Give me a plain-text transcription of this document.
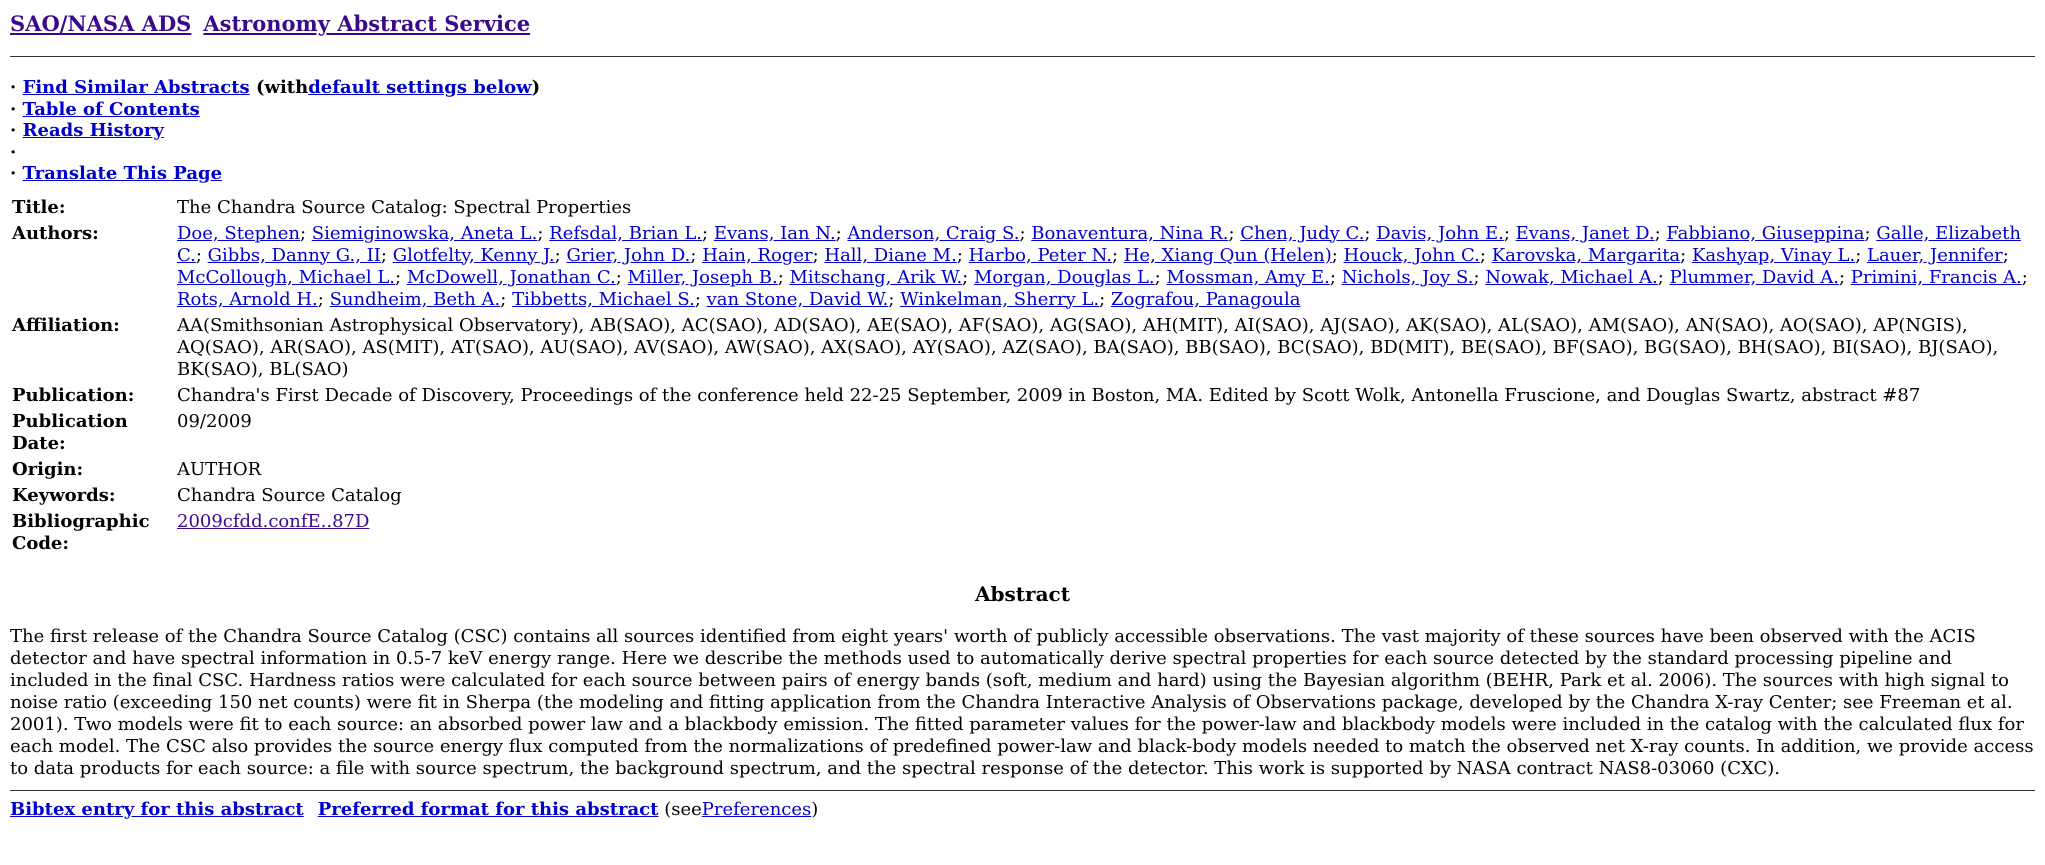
SAO/NASA ADS Astronomy Abstract Service
· Find Similar Abstracts (withdefault settings below)
· Table of Contents
· Reads History
·
· Translate This Page
Title:	The Chandra Source Catalog: Spectral Properties
Authors:	Doe, Stephen; Siemiginowska, Aneta L.; Refsdal, Brian L.; Evans, Ian N.; Anderson, Craig S.; Bonaventura, Nina R.; Chen, Judy C.; Davis, John E.; Evans, Janet D.; Fabbiano, Giuseppina; Galle, Elizabeth C.; Gibbs, Danny G., II; Glotfelty, Kenny J.; Grier, John D.; Hain, Roger; Hall, Diane M.; Harbo, Peter N.; He, Xiang Qun (Helen); Houck, John C.; Karovska, Margarita; Kashyap, Vinay L.; Lauer, Jennifer; McCollough, Michael L.; McDowell, Jonathan C.; Miller, Joseph B.; Mitschang, Arik W.; Morgan, Douglas L.; Mossman, Amy E.; Nichols, Joy S.; Nowak, Michael A.; Plummer, David A.; Primini, Francis A.; Rots, Arnold H.; Sundheim, Beth A.; Tibbetts, Michael S.; van Stone, David W.; Winkelman, Sherry L.; Zografou, Panagoula
Affiliation:	AA(Smithsonian Astrophysical Observatory), AB(SAO), AC(SAO), AD(SAO), AE(SAO), AF(SAO), AG(SAO), AH(MIT), AI(SAO), AJ(SAO), AK(SAO), AL(SAO), AM(SAO), AN(SAO), AO(SAO), AP(NGIS), AQ(SAO), AR(SAO), AS(MIT), AT(SAO), AU(SAO), AV(SAO), AW(SAO), AX(SAO), AY(SAO), AZ(SAO), BA(SAO), BB(SAO), BC(SAO), BD(MIT), BE(SAO), BF(SAO), BG(SAO), BH(SAO), BI(SAO), BJ(SAO), BK(SAO), BL(SAO)
Publication:	Chandra's First Decade of Discovery, Proceedings of the conference held 22-25 September, 2009 in Boston, MA. Edited by Scott Wolk, Antonella Fruscione, and Douglas Swartz, abstract #87
Publication Date:	09/2009
Origin:	AUTHOR
Keywords:	Chandra Source Catalog
Bibliographic Code:	2009cfdd.confE..87D
Abstract
The first release of the Chandra Source Catalog (CSC) contains all sources identified from eight years' worth of publicly accessible observations. The vast majority of these sources have been observed with the ACIS detector and have spectral information in 0.5-7 keV energy range. Here we describe the methods used to automatically derive spectral properties for each source detected by the standard processing pipeline and included in the final CSC. Hardness ratios were calculated for each source between pairs of energy bands (soft, medium and hard) using the Bayesian algorithm (BEHR, Park et al. 2006). The sources with high signal to noise ratio (exceeding 150 net counts) were fit in Sherpa (the modeling and fitting application from the Chandra Interactive Analysis of Observations package, developed by the Chandra X-ray Center; see Freeman et al. 2001). Two models were fit to each source: an absorbed power law and a blackbody emission. The fitted parameter values for the power-law and blackbody models were included in the catalog with the calculated flux for each model. The CSC also provides the source energy flux computed from the normalizations of predefined power-law and black-body models needed to match the observed net X-ray counts. In addition, we provide access to data products for each source: a file with source spectrum, the background spectrum, and the spectral response of the detector. This work is supported by NASA contract NAS8-03060 (CXC).
Bibtex entry for this abstract Preferred format for this abstract (seePreferences)
